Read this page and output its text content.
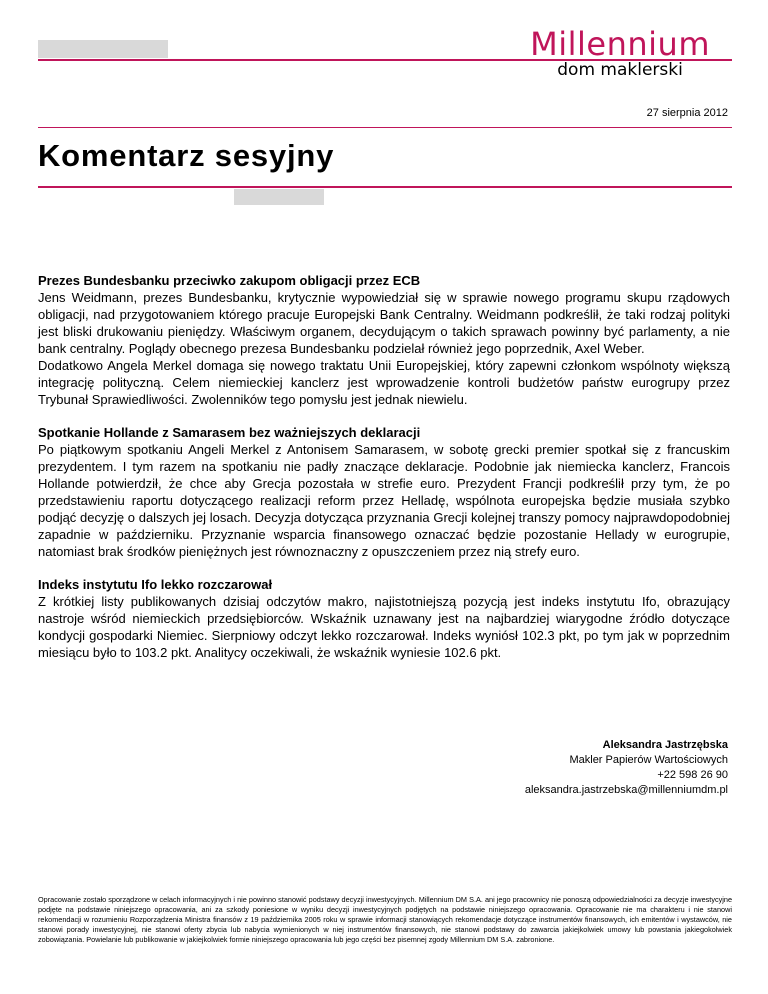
Millennium
dom maklerski
27 sierpnia 2012
Komentarz sesyjny
Prezes Bundesbanku przeciwko zakupom obligacji przez ECB

Jens Weidmann, prezes Bundesbanku, krytycznie wypowiedział się w sprawie nowego programu skupu rządowych obligacji, nad przygotowaniem którego pracuje Europejski Bank Centralny. Weidmann podkreślił, że taki rodzaj polityki jest bliski drukowaniu pieniędzy. Właściwym organem, decydującym o takich sprawach powinny być parlamenty, a nie bank centralny. Poglądy obecnego prezesa Bundesbanku podzielał również jego poprzednik, Axel Weber.

Dodatkowo Angela Merkel domaga się nowego traktatu Unii Europejskiej, który zapewni członkom wspólnoty większą integrację polityczną. Celem niemieckiej kanclerz jest wprowadzenie kontroli budżetów państw eurogrupy przez Trybunał Sprawiedliwości. Zwolenników tego pomysłu jest jednak niewielu.

Spotkanie Hollande z Samarasem bez ważniejszych deklaracji

Po piątkowym spotkaniu Angeli Merkel z Antonisem Samarasem, w sobotę grecki premier spotkał się z francuskim prezydentem. I tym razem na spotkaniu nie padły znaczące deklaracje. Podobnie jak niemiecka kanclerz, Francois Hollande potwierdził, że chce aby Grecja pozostała w strefie euro. Prezydent Francji podkreślił przy tym, że po przedstawieniu raportu dotyczącego realizacji reform przez Helladę, wspólnota europejska będzie musiała szybko podjąć decyzję o dalszych jej losach. Decyzja dotycząca przyznania Grecji kolejnej transzy pomocy najprawdopodobniej zapadnie w październiku. Przyznanie wsparcia finansowego oznaczać będzie pozostanie Hellady w eurogrupie, natomiast brak środków pieniężnych jest równoznaczny z opuszczeniem przez nią strefy euro.

Indeks instytutu Ifo lekko rozczarował

Z krótkiej listy publikowanych dzisiaj odczytów makro, najistotniejszą pozycją jest indeks instytutu Ifo, obrazujący nastroje wśród niemieckich przedsiębiorców. Wskaźnik uznawany jest na najbardziej wiarygodne źródło dotyczące kondycji gospodarki Niemiec. Sierpniowy odczyt lekko rozczarował. Indeks wyniósł 102.3 pkt, po tym jak w poprzednim miesiącu było to 103.2 pkt. Analitycy oczekiwali, że wskaźnik wyniesie 102.6 pkt.

Aleksandra Jastrzębska
Makler Papierów Wartościowych
+22 598 26 90
aleksandra.jastrzebska@millenniumdm.pl
Opracowanie zostało sporządzone w celach informacyjnych i nie powinno stanowić podstawy decyzji inwestycyjnych. Millennium DM S.A. ani jego pracownicy nie ponoszą odpowiedzialności za decyzje inwestycyjne podjęte na podstawie niniejszego opracowania, ani za szkody poniesione w wyniku decyzji inwestycyjnych podjętych na podstawie niniejszego opracowania. Opracowanie nie ma charakteru i nie stanowi rekomendacji w rozumieniu Rozporządzenia Ministra finansów z 19 października 2005 roku w sprawie informacji stanowiących rekomendacje dotyczące instrumentów finansowych, ich emitentów i wystawców, nie stanowi porady inwestycyjnej, nie stanowi oferty zbycia lub nabycia wymienionych w niej instrumentów finansowych, nie stanowi podstawy do zawarcia jakiejkolwiek umowy lub powstania jakiegokolwiek zobowiązania. Powielanie lub publikowanie w jakiejkolwiek formie niniejszego opracowania lub jego części bez pisemnej zgody Millennium DM S.A. zabronione.
